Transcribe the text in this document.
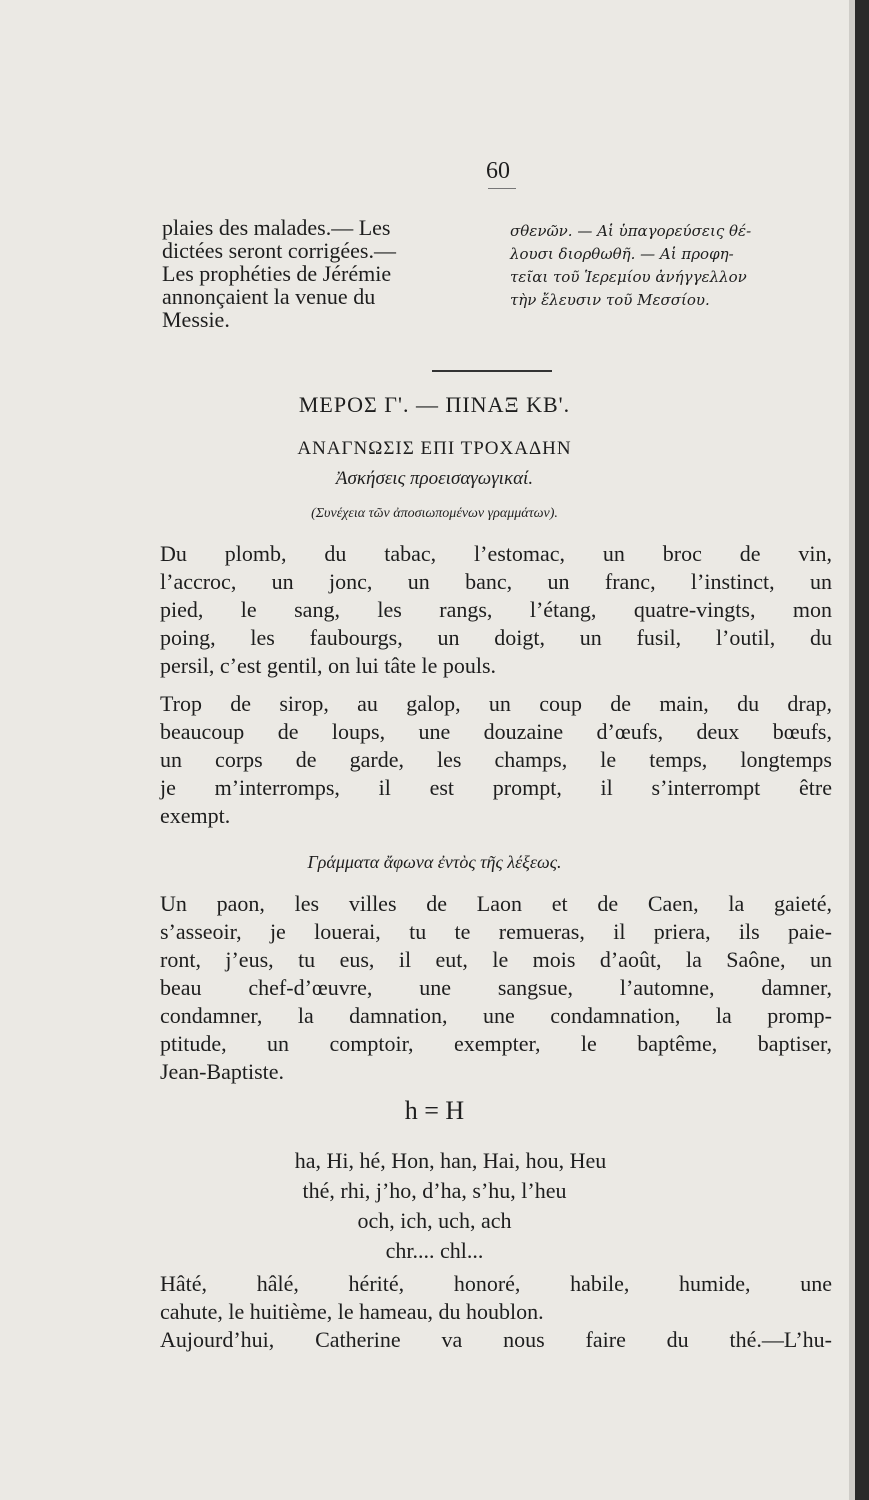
60
plaies des malades.— Les
dictées seront corrigées.—
Les prophéties de Jérémie
annonçaient la venue du
Messie.
σθενῶν. — Αἱ ὑπαγορεύσεις θέ-
λουσι διορθωθῆ. — Αἱ προφη-
τεῖαι τοῦ Ἱερεμίου ἀνήγγελλον
τὴν ἔλευσιν τοῦ Μεσσίου.
ΜΕΡΟΣ Γ'. — ΠΙΝΑΞ ΚΒ'.
ΑΝΑΓΝΩΣΙΣ ΕΠΙ ΤΡΟΧΑΔΗΝ
Ἀσκήσεις προεισαγωγικαί.
(Συνέχεια τῶν ἀποσιωπομένων γραμμάτων).
Du plomb, du tabac, l’estomac, un broc de vin,
l’accroc, un jonc, un banc, un franc, l’instinct, un
pied, le sang, les rangs, l’étang, quatre-vingts, mon
poing, les faubourgs, un doigt, un fusil, l’outil, du
persil, c’est gentil, on lui tâte le pouls.
Trop de sirop, au galop, un coup de main, du drap,
beaucoup de loups, une douzaine d’œufs, deux bœufs,
un corps de garde, les champs, le temps, longtemps
je m’interromps, il est prompt, il s’interrompt être
exempt.
Γράμματα ἄφωνα ἐντὸς τῆς λέξεως.
Un paon, les villes de Laon et de Caen, la gaieté,
s’asseoir, je louerai, tu te remueras, il priera, ils paie-
ront, j’eus, tu eus, il eut, le mois d’août, la Saône, un
beau chef-d’œuvre, une sangsue, l’automne, damner,
condamner, la damnation, une condamnation, la promp-
ptitude, un comptoir, exempter, le baptême, baptiser,
Jean-Baptiste.
h = H
ha, Hi, hé, Hon, han, Hai, hou, Heu
thé, rhi, j’ho, d’ha, s’hu, l’heu
och, ich, uch, ach
chr.... chl...
Hâté, hâlé, hérité, honoré, habile, humide, une
cahute, le huitième, le hameau, du houblon.
Aujourd’hui, Catherine va nous faire du thé.—L’hu-
